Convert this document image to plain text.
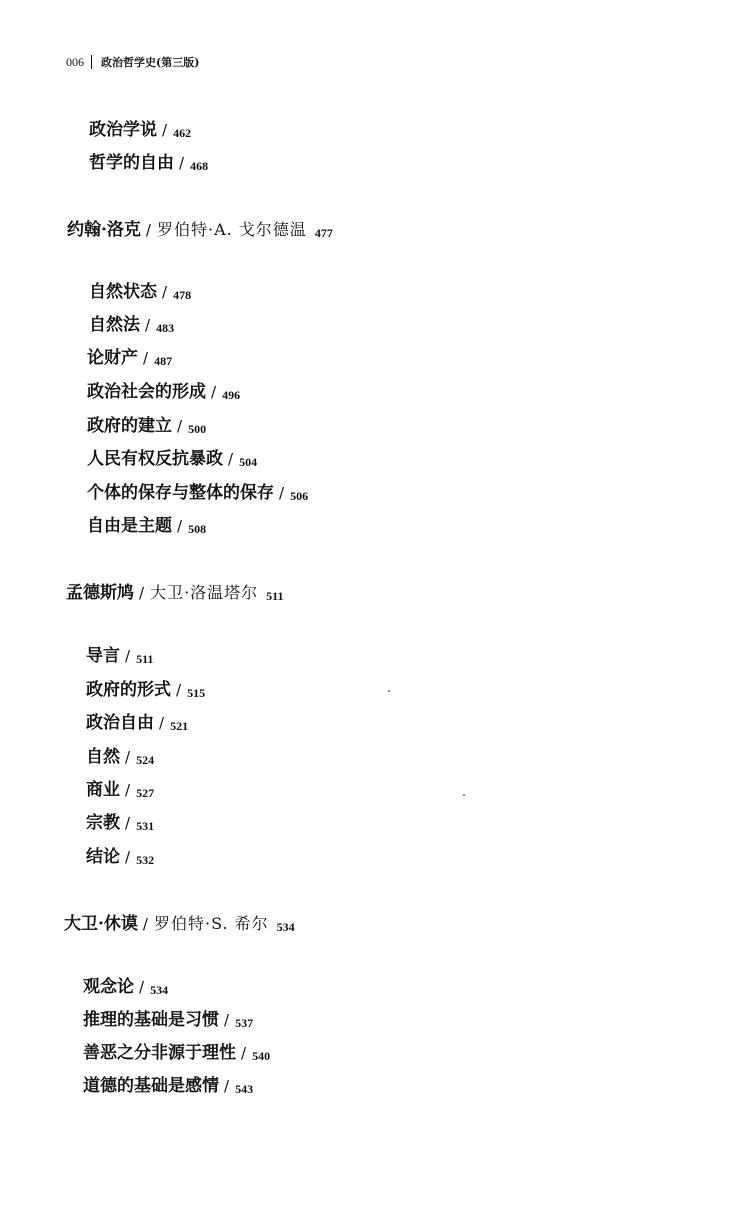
006 政治哲学史(第三版)
政治学说 / 462
哲学的自由 / 468
约翰·洛克 / 罗伯特·A. 戈尔德温 477
自然状态 / 478
自然法 / 483
论财产 / 487
政治社会的形成 / 496
政府的建立 / 500
人民有权反抗暴政 / 504
个体的保存与整体的保存 / 506
自由是主题 / 508
孟德斯鸠 / 大卫·洛温塔尔 511
导言 / 511
政府的形式 / 515
政治自由 / 521
自然 / 524
商业 / 527
宗教 / 531
结论 / 532
大卫·休谟 / 罗伯特·S. 希尔 534
观念论 / 534
推理的基础是习惯 / 537
善恶之分非源于理性 / 540
道德的基础是感情 / 543
